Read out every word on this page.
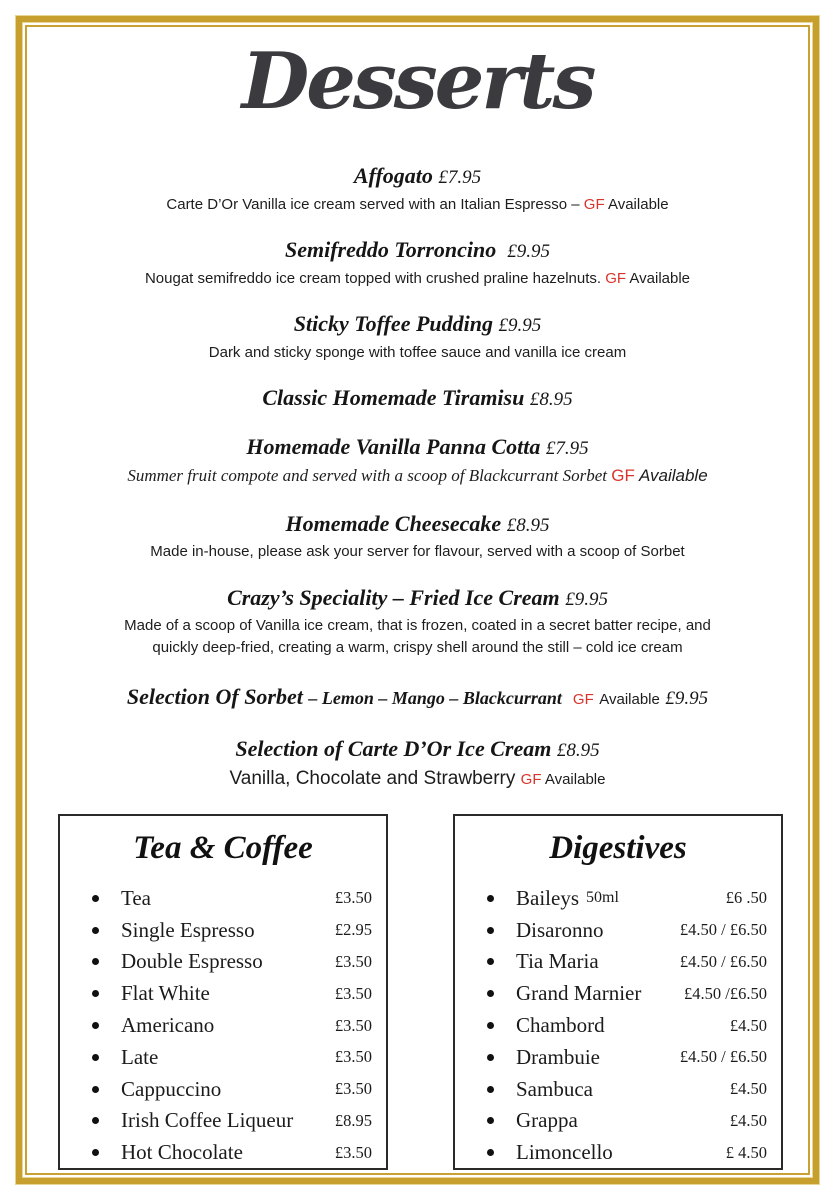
Desserts
Affogato £7.95

Carte D’Or Vanilla ice cream served with an Italian Espresso – GF Available

Semifreddo Torroncino £9.95

Nougat semifreddo ice cream topped with crushed praline hazelnuts. GF Available

Sticky Toffee Pudding £9.95

Dark and sticky sponge with toffee sauce and vanilla ice cream

Classic Homemade Tiramisu £8.95
Homemade Vanilla Panna Cotta £7.95

Summer fruit compote and served with a scoop of Blackcurrant Sorbet GF Available

Homemade Cheesecake £8.95

Made in-house, please ask your server for flavour, served with a scoop of Sorbet

Crazy’s Speciality – Fried Ice Cream £9.95

Made of a scoop of Vanilla ice cream, that is frozen, coated in a secret batter recipe, and quickly deep-fried, creating a warm, crispy shell around the still – cold ice cream

Selection Of Sorbet – Lemon – Mango – Blackcurrant GF Available £9.95
Selection of Carte D’Or Ice Cream £8.95

Vanilla, Chocolate and Strawberry GF Available

Tea & Coffee
Tea	£3.50
Single Espresso	£2.95
Double Espresso	£3.50
Flat White	£3.50
Americano	£3.50
Late	£3.50
Cappuccino	£3.50
Irish Coffee Liqueur	£8.95
Hot Chocolate	£3.50
Digestives
Baileys 50ml	£6 .50
Disaronno	£4.50 / £6.50
Tia Maria	£4.50 / £6.50
Grand Marnier	£4.50 /£6.50
Chambord	£4.50
Drambuie	£4.50 / £6.50
Sambuca	£4.50
Grappa	£4.50
Limoncello	£ 4.50
